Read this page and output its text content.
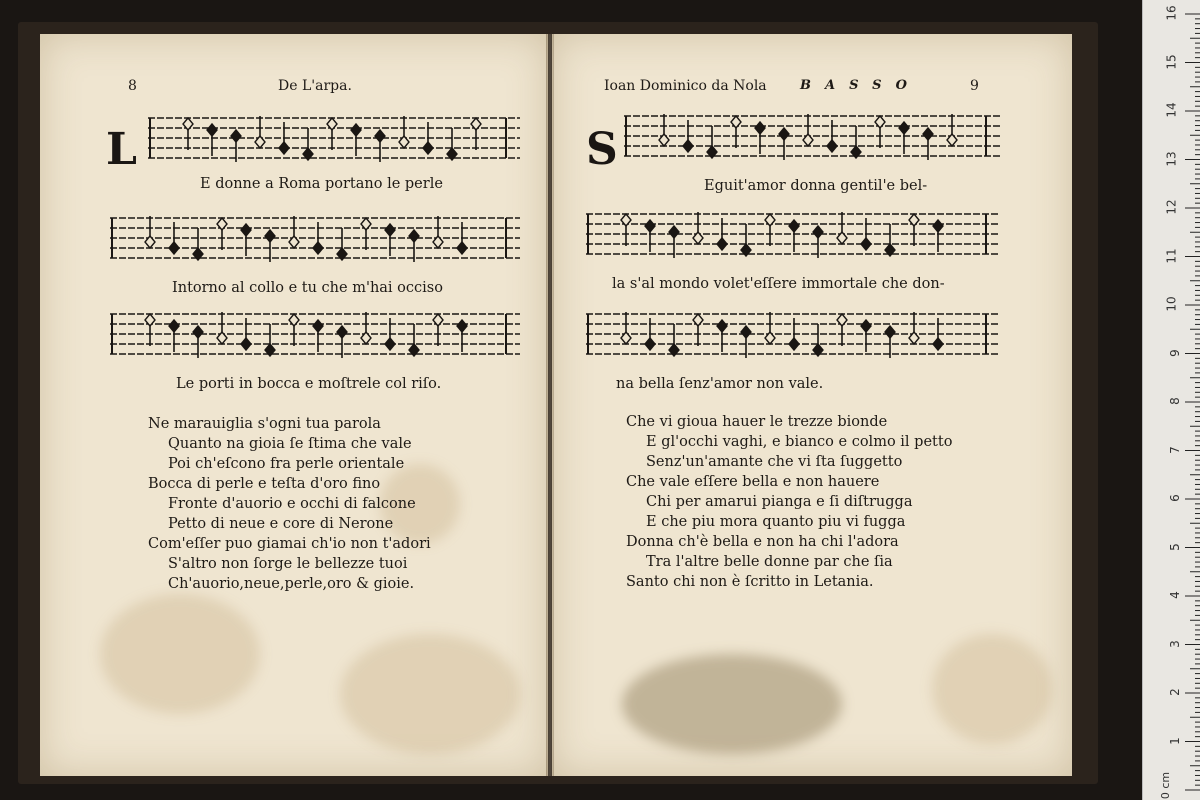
8	De L'arpa.
L
E donne a Roma portano le perle
Intorno al collo e tu che m'hai occiso
Le porti in bocca e moſtrele col riſo.
Ne marauiglia s'ogni tua parola
Quanto na gioia ſe ſtima che vale
Poi ch'eſcono fra perle orientale
Bocca di perle e teſta d'oro fino
Fronte d'auorio e occhi di falcone
Petto di neue e core di Nerone
Com'eſſer puo giamai ch'io non t'adori
S'altro non ſorge le bellezze tuoi
Ch'auorio,neue,perle,oro & gioie.
Ioan Dominico da Nola	BASSO	9
S
Eguit'amor donna gentil'e bel-
la s'al mondo volet'eſſere immortale che don-
na bella ſenz'amor non vale.
Che vi gioua hauer le trezze bionde
E gl'occhi vaghi, e bianco e colmo il petto
Senz'un'amante che vi ſta ſuggetto
Che vale eſſere bella e non hauere
Chi per amarui pianga e ſi diſtrugga
E che piu mora quanto piu vi fugga
Donna ch'è bella e non ha chi l'adora
Tra l'altre belle donne par che ſia
Santo chi non è ſcritto in Letania.
0 cm
1
2
3
4
5
6
7
8
9
10
11
12
13
14
15
16
